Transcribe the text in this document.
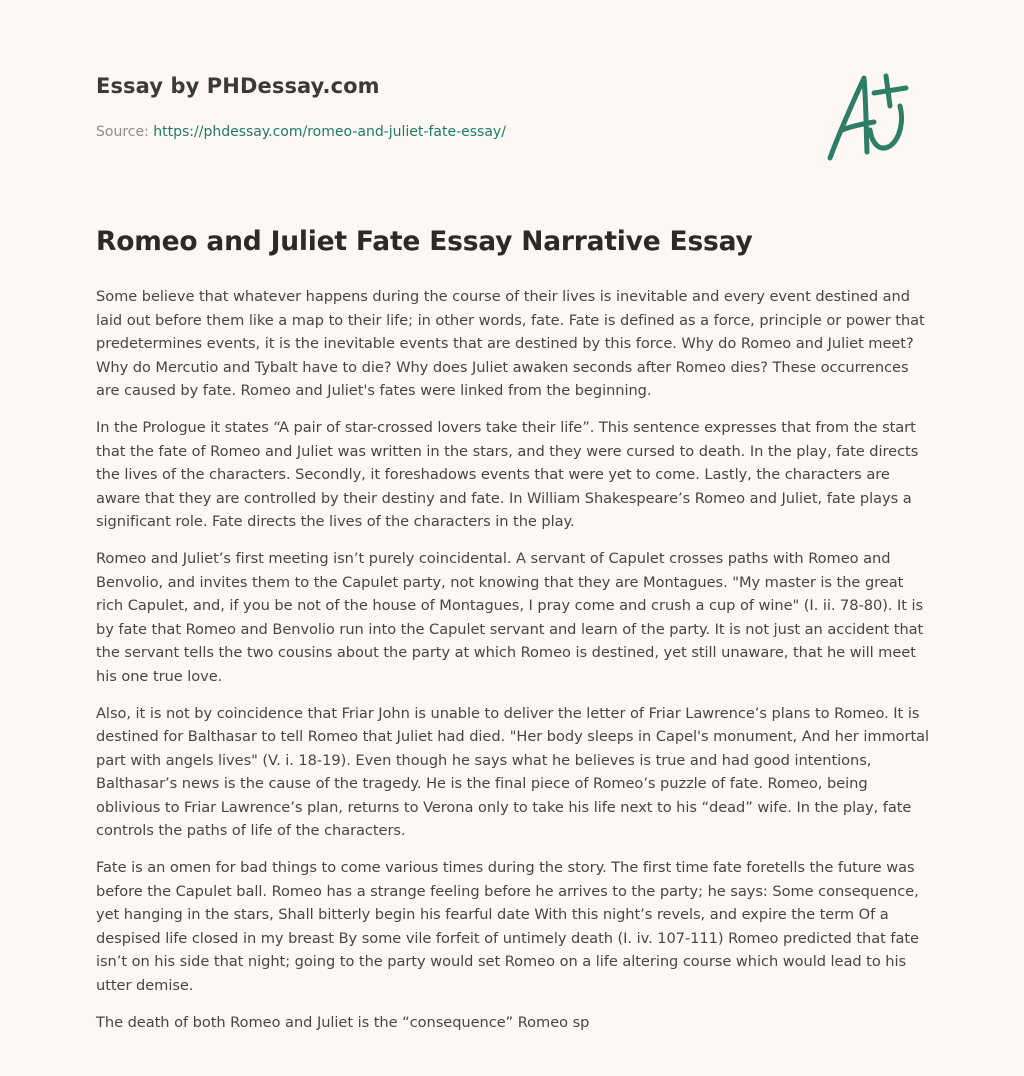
Essay by PHDessay.com
Source: https://phdessay.com/romeo-and-juliet-fate-essay/
Romeo and Juliet Fate Essay Narrative Essay

Some believe that whatever happens during the course of their lives is inevitable and every event destined and laid out before them like a map to their life; in other words, fate. Fate is defined as a force, principle or power that predetermines events, it is the inevitable events that are destined by this force. Why do Romeo and Juliet meet? Why do Mercutio and Tybalt have to die? Why does Juliet awaken seconds after Romeo dies? These occurrences are caused by fate. Romeo and Juliet's fates were linked from the beginning.

In the Prologue it states “A pair of star-crossed lovers take their life”. This sentence expresses that from the start that the fate of Romeo and Juliet was written in the stars, and they were cursed to death. In the play, fate directs the lives of the characters. Secondly, it foreshadows events that were yet to come. Lastly, the characters are aware that they are controlled by their destiny and fate. In William Shakespeare’s Romeo and Juliet, fate plays a significant role. Fate directs the lives of the characters in the play.

Romeo and Juliet’s first meeting isn’t purely coincidental. A servant of Capulet crosses paths with Romeo and Benvolio, and invites them to the Capulet party, not knowing that they are Montagues. "My master is the great rich Capulet, and, if you be not of the house of Montagues, I pray come and crush a cup of wine" (I. ii. 78-80). It is by fate that Romeo and Benvolio run into the Capulet servant and learn of the party. It is not just an accident that the servant tells the two cousins about the party at which Romeo is destined, yet still unaware, that he will meet his one true love.

Also, it is not by coincidence that Friar John is unable to deliver the letter of Friar Lawrence’s plans to Romeo. It is destined for Balthasar to tell Romeo that Juliet had died. "Her body sleeps in Capel's monument, And her immortal part with angels lives" (V. i. 18-19). Even though he says what he believes is true and had good intentions, Balthasar’s news is the cause of the tragedy. He is the final piece of Romeo’s puzzle of fate. Romeo, being oblivious to Friar Lawrence’s plan, returns to Verona only to take his life next to his “dead” wife. In the play, fate controls the paths of life of the characters.

Fate is an omen for bad things to come various times during the story. The first time fate foretells the future was before the Capulet ball. Romeo has a strange feeling before he arrives to the party; he says: Some consequence, yet hanging in the stars, Shall bitterly begin his fearful date With this night’s revels, and expire the term Of a despised life closed in my breast By some vile forfeit of untimely death (I. iv. 107-111) Romeo predicted that fate isn’t on his side that night; going to the party would set Romeo on a life altering course which would lead to his utter demise.

The death of both Romeo and Juliet is the “consequence” Romeo sp
